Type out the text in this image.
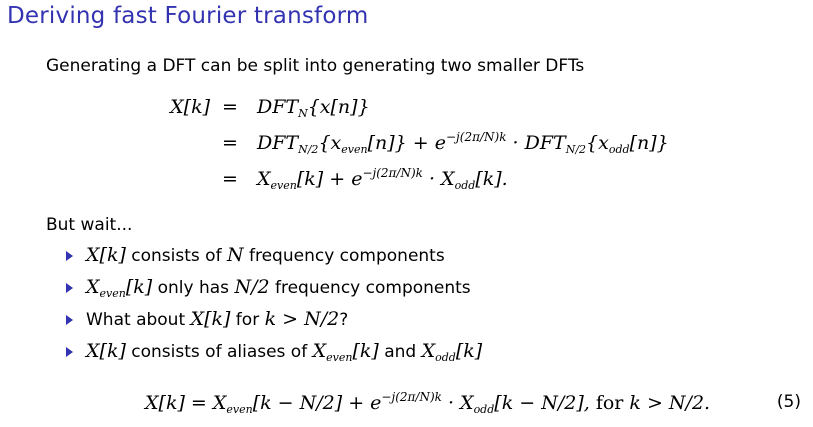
Deriving fast Fourier transform
Generating a DFT can be split into generating two smaller DFTs
$X[k] = DFT_N\{x[n]\}$
= $DFT_{N/2}\{x_{even}[n]\} + e^{-j(2\pi/N)k} \cdot DFT_{N/2}\{x_{odd}[n]\}$
= $X_{even}[k] + e^{-j(2\pi/N)k} \cdot X_{odd}[k]$.
But wait...
X[k] consists of N frequency components
$X_{even}[k]$ only has N/2 frequency components
What about X[k] for k > N/2?
X[k] consists of aliases of $X_{even}[k]$ and $X_{odd}[k]$
$X[k] = X_{even}[k - N/2] + e^{-j(2\pi/N)k} \cdot X_{odd}[k - N/2]$, for k > N/2.	(5)
